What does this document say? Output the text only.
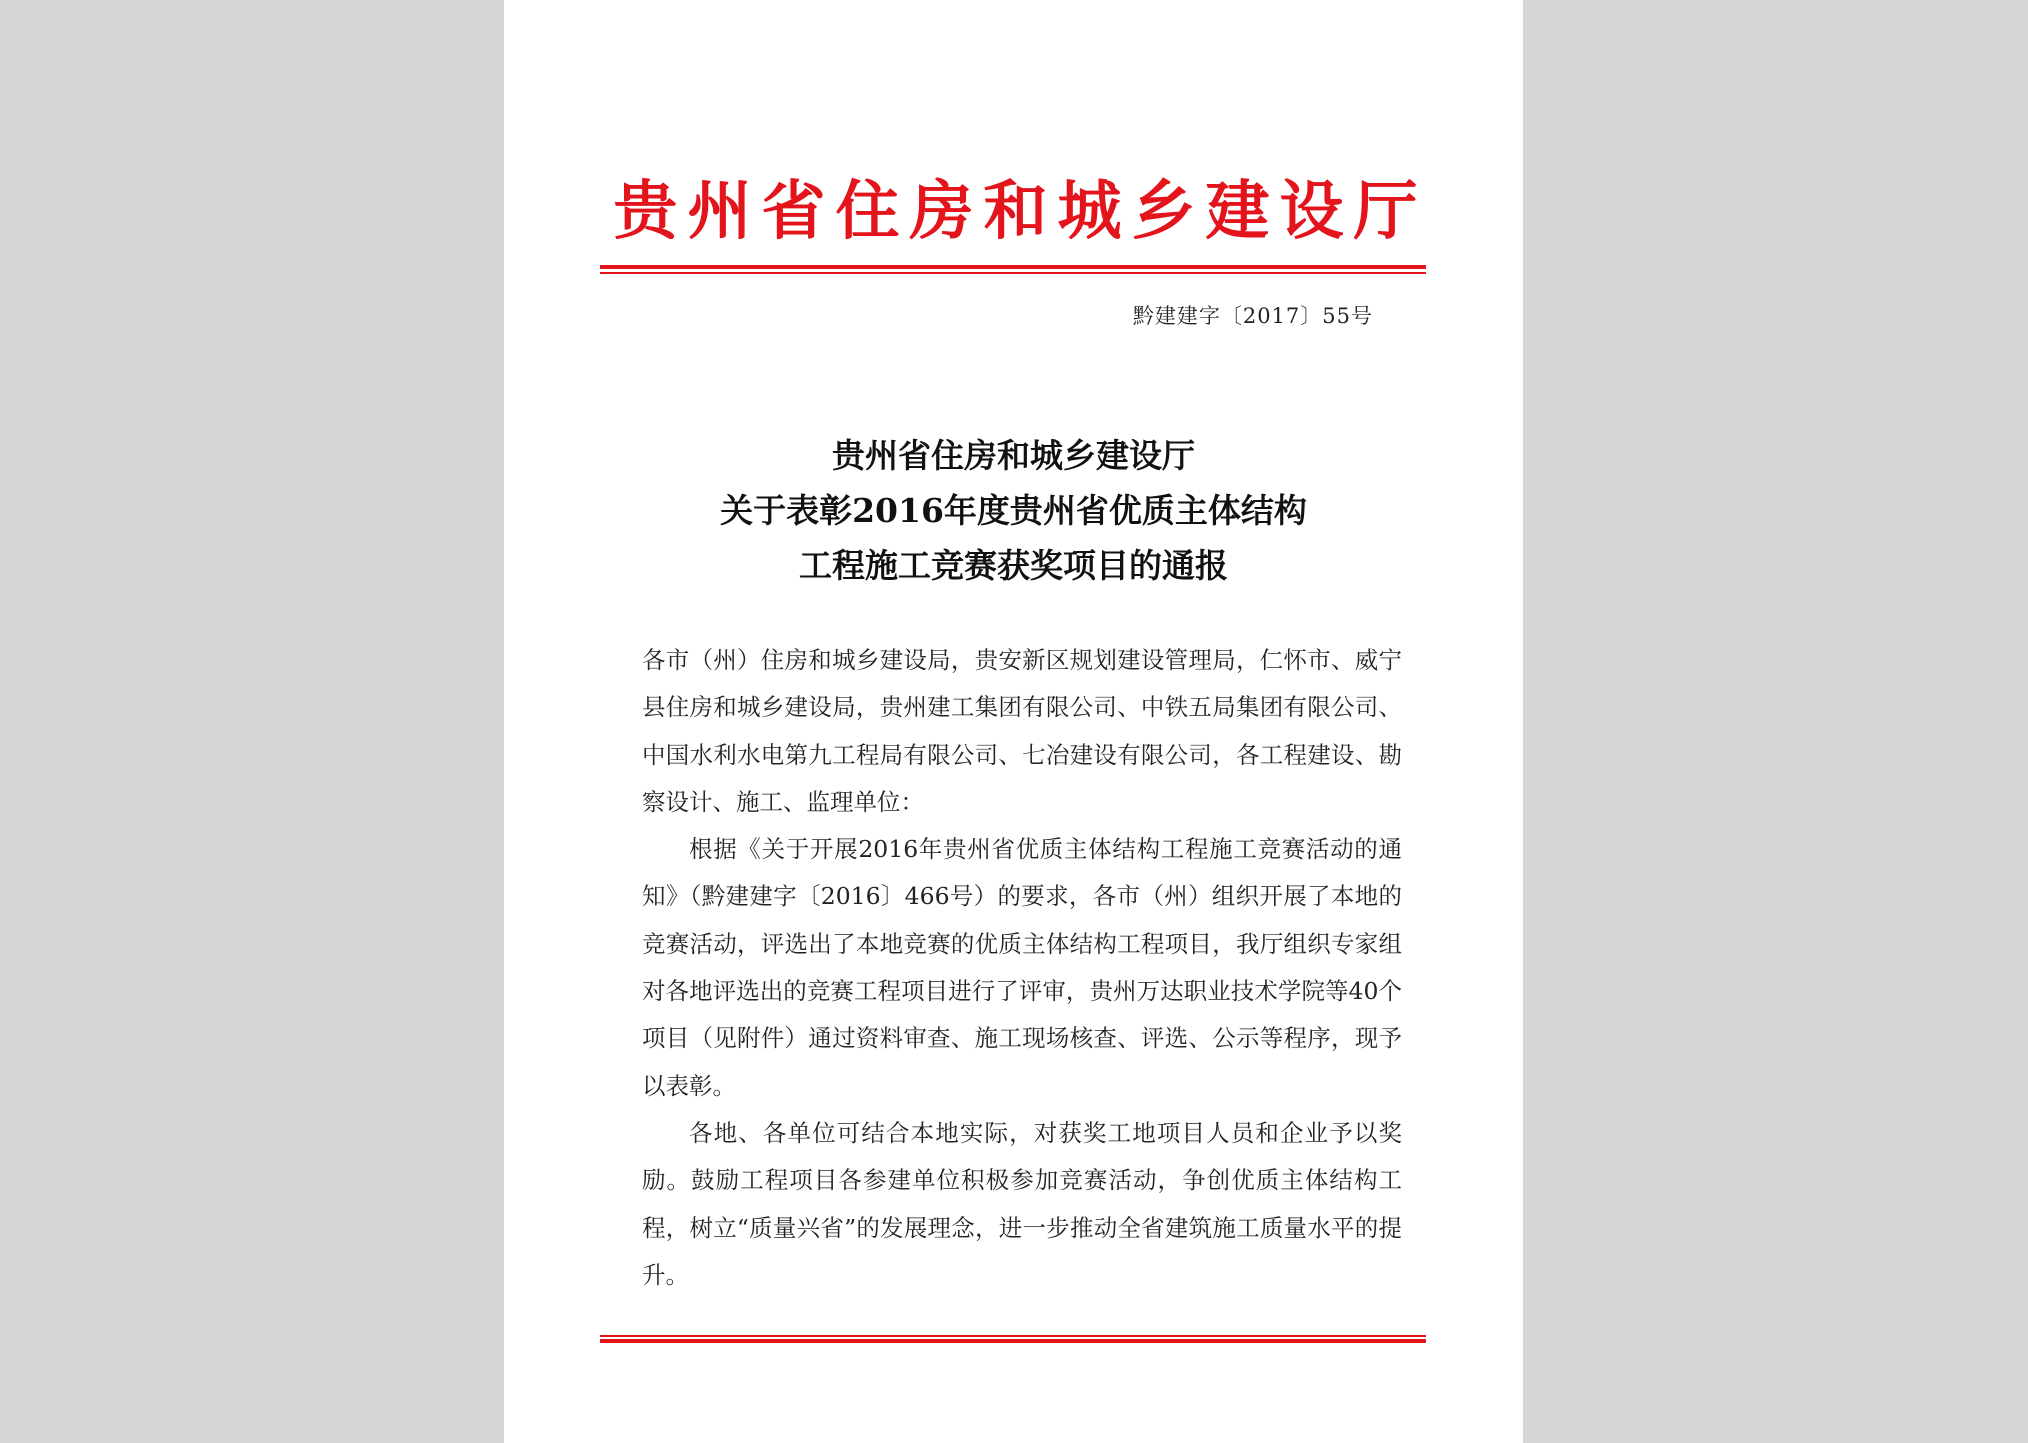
贵州省住房和城乡建设厅
黔建建字〔2017〕55号
贵州省住房和城乡建设厅
关于表彰2016年度贵州省优质主体结构
工程施工竞赛获奖项目的通报

各市（州）住房和城乡建设局，贵安新区规划建设管理局，仁怀市、威宁县住房和城乡建设局，贵州建工集团有限公司、中铁五局集团有限公司、中国水利水电第九工程局有限公司、七冶建设有限公司，各工程建设、勘察设计、施工、监理单位：

根据《关于开展2016年贵州省优质主体结构工程施工竞赛活动的通知》（黔建建字〔2016〕466号）的要求，各市（州）组织开展了本地的竞赛活动，评选出了本地竞赛的优质主体结构工程项目，我厅组织专家组对各地评选出的竞赛工程项目进行了评审，贵州万达职业技术学院等40个项目（见附件）通过资料审查、施工现场核查、评选、公示等程序，现予以表彰。

各地、各单位可结合本地实际，对获奖工地项目人员和企业予以奖励。鼓励工程项目各参建单位积极参加竞赛活动，争创优质主体结构工程，树立“质量兴省”的发展理念，进一步推动全省建筑施工质量水平的提升。
